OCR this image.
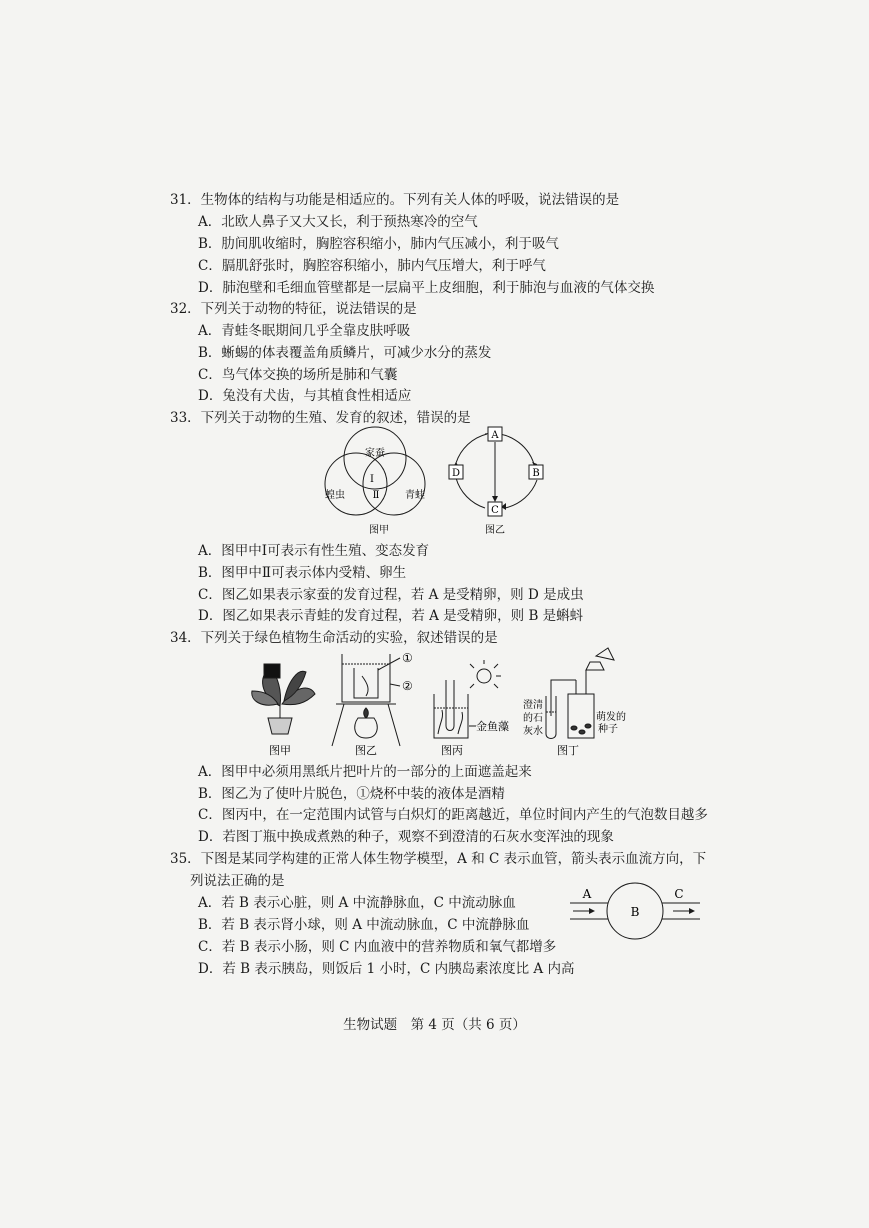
31．生物体的结构与功能是相适应的。下列有关人体的呼吸，说法错误的是
A．北欧人鼻子又大又长，利于预热寒冷的空气
B．肋间肌收缩时，胸腔容积缩小，肺内气压减小，利于吸气
C．膈肌舒张时，胸腔容积缩小，肺内气压增大，利于呼气
D．肺泡壁和毛细血管壁都是一层扁平上皮细胞，利于肺泡与血液的气体交换
32．下列关于动物的特征，说法错误的是
A．青蛙冬眠期间几乎全靠皮肤呼吸
B．蜥蜴的体表覆盖角质鳞片，可减少水分的蒸发
C．鸟气体交换的场所是肺和气囊
D．兔没有犬齿，与其植食性相适应
33．下列关于动物的生殖、发育的叙述，错误的是
家蚕
蝗虫	青蛙
Ⅰ
Ⅱ
图甲
A
B
C
D
图乙
A．图甲中Ⅰ可表示有性生殖、变态发育
B．图甲中Ⅱ可表示体内受精、卵生
C．图乙如果表示家蚕的发育过程，若 A 是受精卵，则 D 是成虫
D．图乙如果表示青蛙的发育过程，若 A 是受精卵，则 B 是蝌蚪
34．下列关于绿色植物生命活动的实验，叙述错误的是
①
②
金鱼藻
澄清
的石
灰水
萌发的
种子
图甲	图乙	图丙	图丁
A．图甲中必须用黑纸片把叶片的一部分的上面遮盖起来
B．图乙为了使叶片脱色，①烧杯中装的液体是酒精
C．图丙中，在一定范围内试管与白炽灯的距离越近，单位时间内产生的气泡数目越多
D．若图丁瓶中换成煮熟的种子，观察不到澄清的石灰水变浑浊的现象
35．下图是某同学构建的正常人体生物学模型，A 和 C 表示血管，箭头表示血流方向，下
列说法正确的是
A
B
C
A．若 B 表示心脏，则 A 中流静脉血，C 中流动脉血
B．若 B 表示肾小球，则 A 中流动脉血，C 中流静脉血
C．若 B 表示小肠，则 C 内血液中的营养物质和氧气都增多
D．若 B 表示胰岛，则饭后 1 小时，C 内胰岛素浓度比 A 内高
生物试题　第 4 页（共 6 页）
